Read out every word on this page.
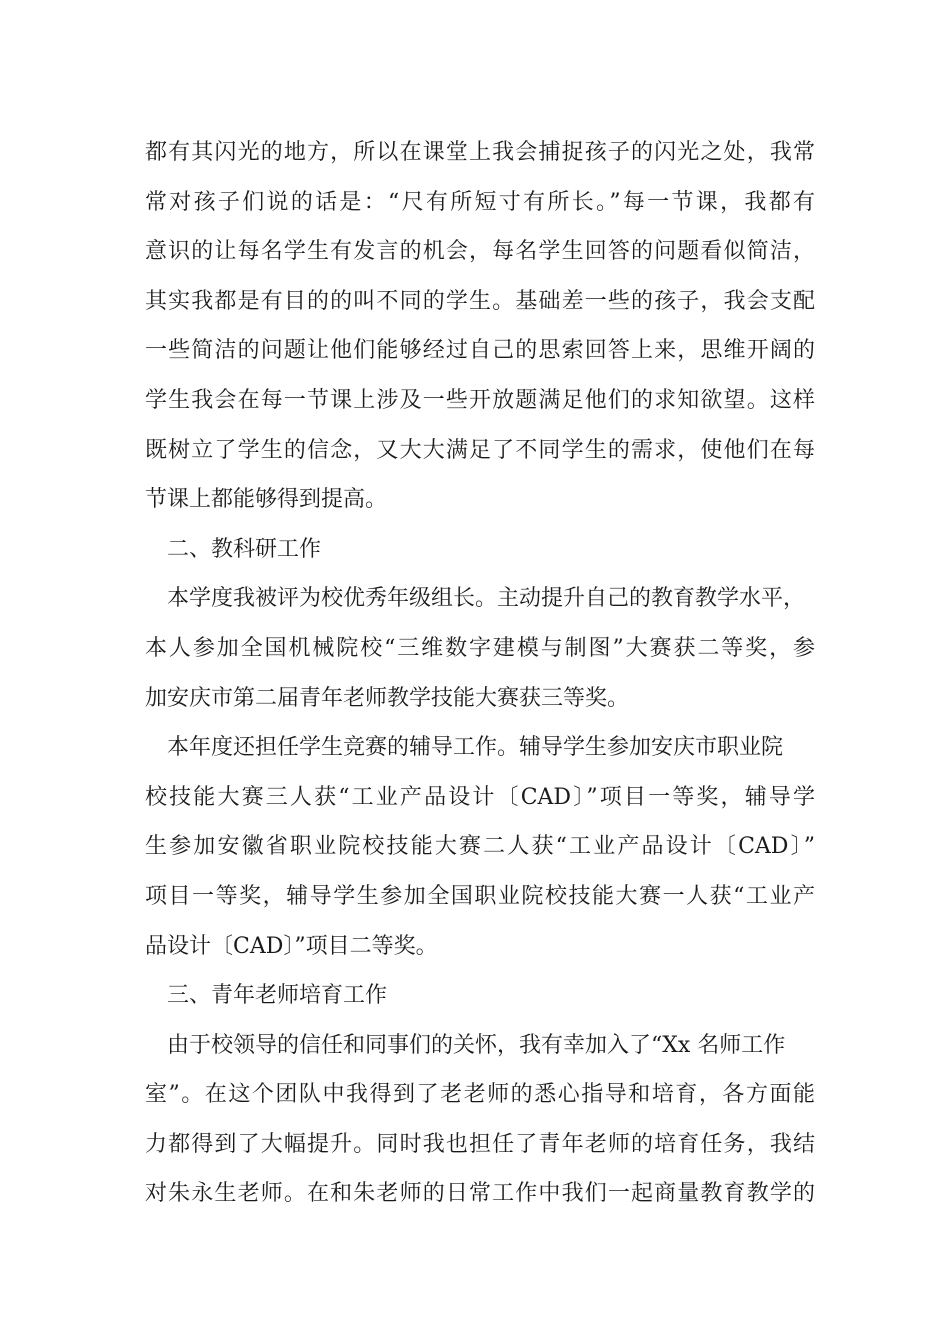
都有其闪光的地方，所以在课堂上我会捕捉孩子的闪光之处，我常
常对孩子们说的话是：“尺有所短寸有所长。”每一节课，我都有
意识的让每名学生有发言的机会，每名学生回答的问题看似简洁，
其实我都是有目的的叫不同的学生。基础差一些的孩子，我会支配
一些简洁的问题让他们能够经过自己的思索回答上来，思维开阔的
学生我会在每一节课上涉及一些开放题满足他们的求知欲望。这样
既树立了学生的信念，又大大满足了不同学生的需求，使他们在每
节课上都能够得到提高。
二、教科研工作
本学度我被评为校优秀年级组长。主动提升自己的教育教学水平，
本人参加全国机械院校“三维数字建模与制图”大赛获二等奖，参
加安庆市第二届青年老师教学技能大赛获三等奖。
本年度还担任学生竞赛的辅导工作。辅导学生参加安庆市职业院
校技能大赛三人获“工业产品设计〔CAD〕”项目一等奖，辅导学
生参加安徽省职业院校技能大赛二人获“工业产品设计〔CAD〕”
项目一等奖，辅导学生参加全国职业院校技能大赛一人获“工业产
品设计〔CAD〕”项目二等奖。
三、青年老师培育工作
由于校领导的信任和同事们的关怀，我有幸加入了“Xx 名师工作
室”。在这个团队中我得到了老老师的悉心指导和培育，各方面能
力都得到了大幅提升。同时我也担任了青年老师的培育任务，我结
对朱永生老师。在和朱老师的日常工作中我们一起商量教育教学的
